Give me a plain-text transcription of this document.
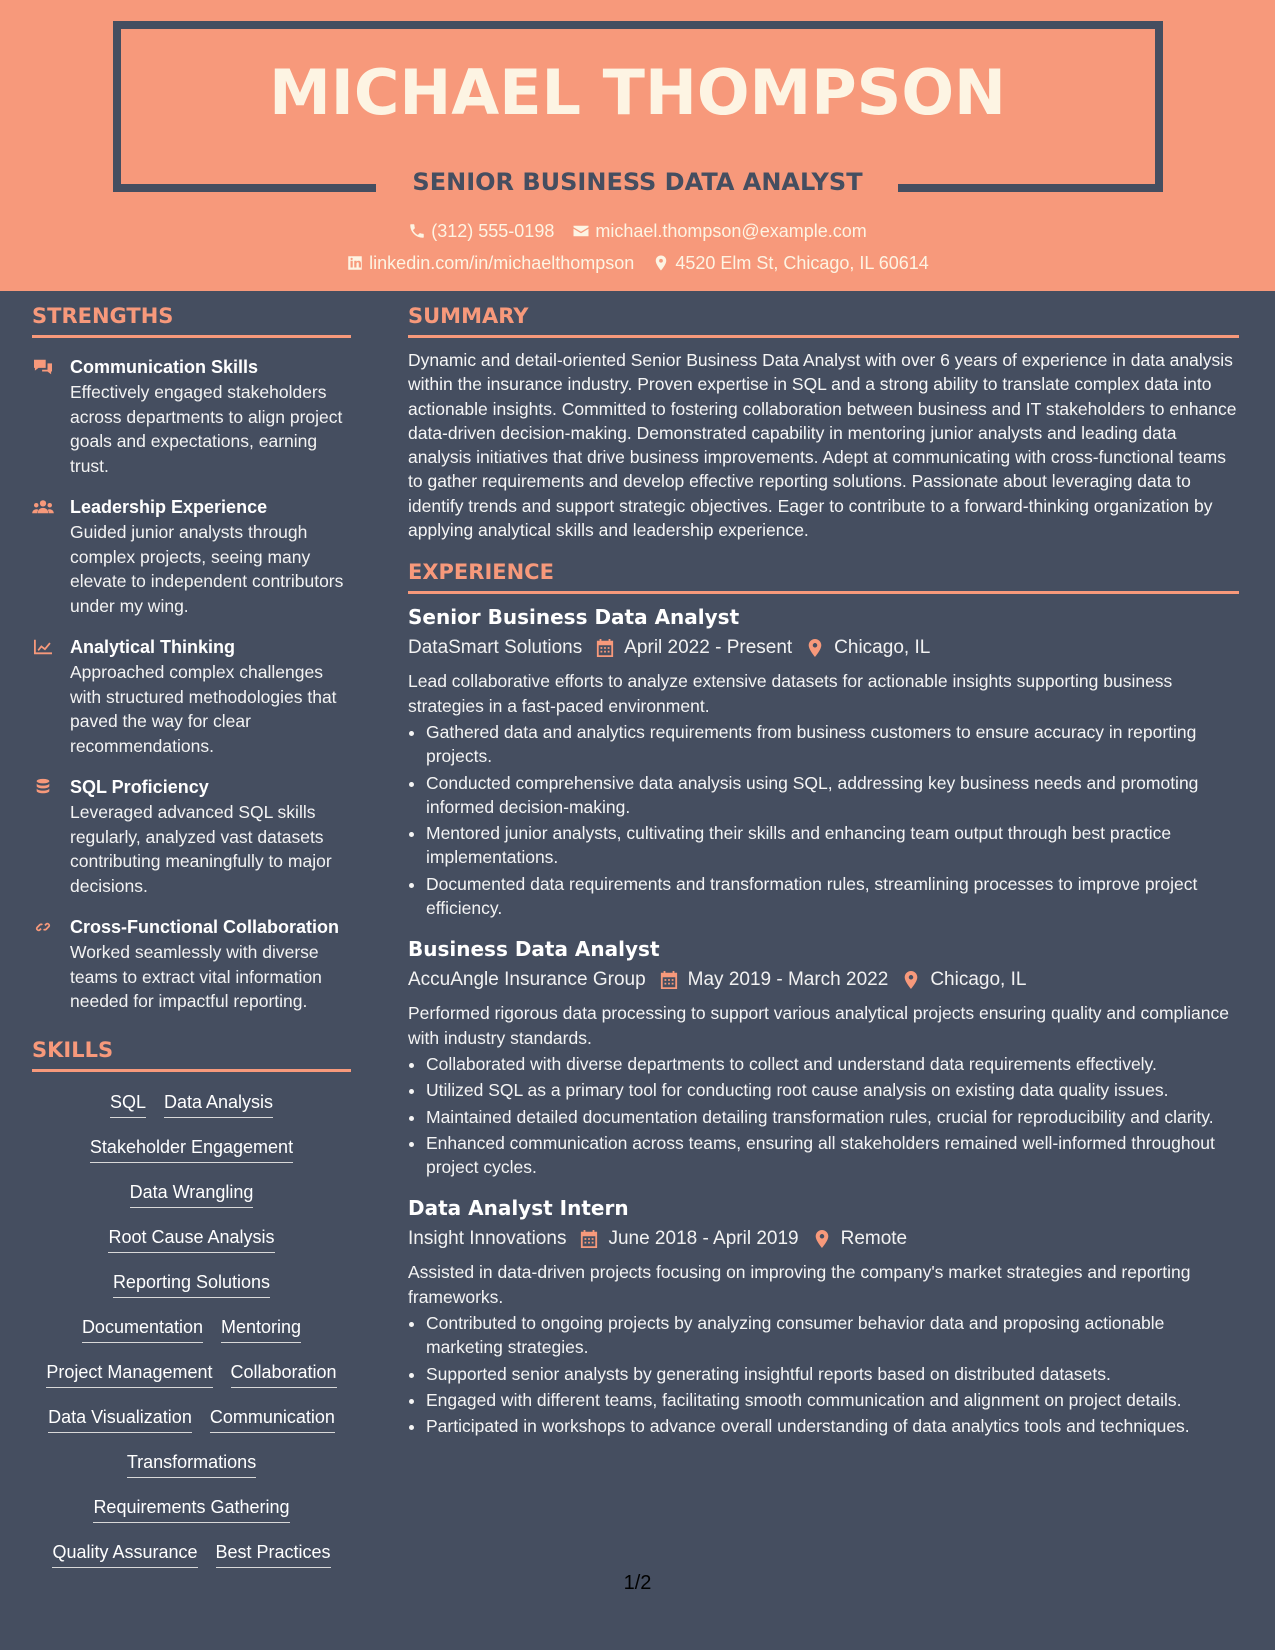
MICHAEL THOMPSON
SENIOR BUSINESS DATA ANALYST
(312) 555-0198 michael.thompson@example.com
linkedin.com/in/michaelthompson 4520 Elm St, Chicago, IL 60614
STRENGTHS
Communication Skills
Effectively engaged stakeholders across departments to align project goals and expectations, earning trust.
Leadership Experience
Guided junior analysts through complex projects, seeing many elevate to independent contributors under my wing.
Analytical Thinking
Approached complex challenges with structured methodologies that paved the way for clear recommendations.
SQL Proficiency
Leveraged advanced SQL skills regularly, analyzed vast datasets contributing meaningfully to major decisions.
Cross-Functional Collaboration
Worked seamlessly with diverse teams to extract vital information needed for impactful reporting.
SKILLS
SQL Data Analysis
Stakeholder Engagement
Data Wrangling
Root Cause Analysis
Reporting Solutions
Documentation Mentoring
Project Management Collaboration
Data Visualization Communication
Transformations
Requirements Gathering
Quality Assurance Best Practices
SUMMARY
Dynamic and detail-oriented Senior Business Data Analyst with over 6 years of experience in data analysis within the insurance industry. Proven expertise in SQL and a strong ability to translate complex data into actionable insights. Committed to fostering collaboration between business and IT stakeholders to enhance data-driven decision-making. Demonstrated capability in mentoring junior analysts and leading data analysis initiatives that drive business improvements. Adept at communicating with cross-functional teams to gather requirements and develop effective reporting solutions. Passionate about leveraging data to identify trends and support strategic objectives. Eager to contribute to a forward-thinking organization by applying analytical skills and leadership experience.
EXPERIENCE
Senior Business Data Analyst
DataSmart Solutions April 2022 - Present Chicago, IL
Lead collaborative efforts to analyze extensive datasets for actionable insights supporting business strategies in a fast-paced environment.
• Gathered data and analytics requirements from business customers to ensure accuracy in reporting projects.
• Conducted comprehensive data analysis using SQL, addressing key business needs and promoting informed decision-making.
• Mentored junior analysts, cultivating their skills and enhancing team output through best practice implementations.
• Documented data requirements and transformation rules, streamlining processes to improve project efficiency.
Business Data Analyst
AccuAngle Insurance Group May 2019 - March 2022 Chicago, IL
Performed rigorous data processing to support various analytical projects ensuring quality and compliance with industry standards.
• Collaborated with diverse departments to collect and understand data requirements effectively.
• Utilized SQL as a primary tool for conducting root cause analysis on existing data quality issues.
• Maintained detailed documentation detailing transformation rules, crucial for reproducibility and clarity.
• Enhanced communication across teams, ensuring all stakeholders remained well-informed throughout project cycles.
Data Analyst Intern
Insight Innovations June 2018 - April 2019 Remote
Assisted in data-driven projects focusing on improving the company's market strategies and reporting frameworks.
• Contributed to ongoing projects by analyzing consumer behavior data and proposing actionable marketing strategies.
• Supported senior analysts by generating insightful reports based on distributed datasets.
• Engaged with different teams, facilitating smooth communication and alignment on project details.
• Participated in workshops to advance overall understanding of data analytics tools and techniques.
1/2
